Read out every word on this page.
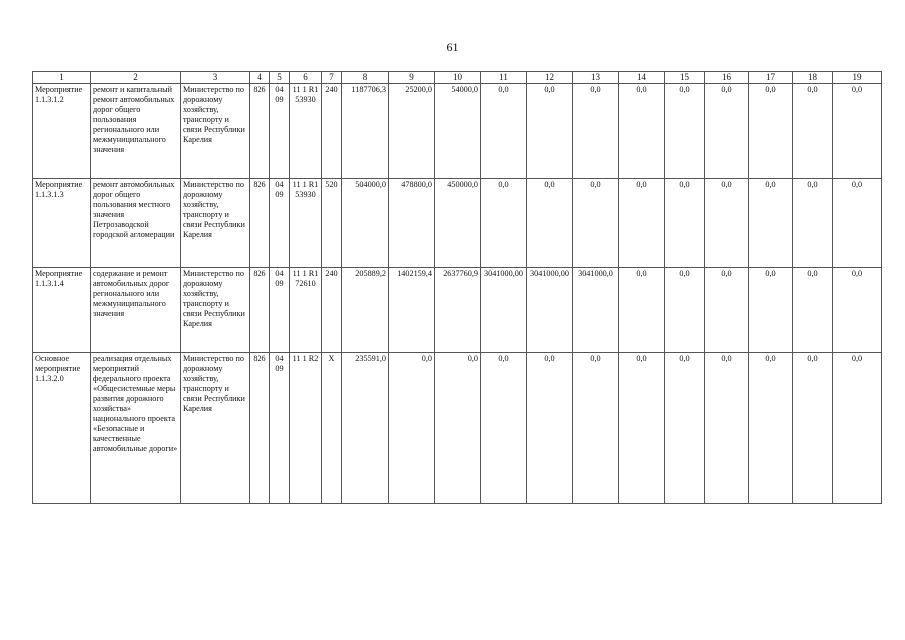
61
1	2	3	4	5	6	7	8	9	10	11	12	13	14	15	16	17	18	19
Мероприятие 1.1.3.1.2	ремонт и капитальный ремонт автомобильных дорог общего пользования регионального или межмуниципального значения	Министерство по дорожному хозяйству, транспорту и связи Республики Карелия	826	04 09	11 1 R1 53930	240	1187706,3	25200,0	54000,0	0,0	0,0	0,0	0,0	0,0	0,0	0,0	0,0	0,0
Мероприятие 1.1.3.1.3	ремонт автомобильных дорог общего пользования местного значения Петрозаводской городской агломерации	Министерство по дорожному хозяйству, транспорту и связи Республики Карелия	826	04 09	11 1 R1 53930	520	504000,0	478800,0	450000,0	0,0	0,0	0,0	0,0	0,0	0,0	0,0	0,0	0,0
Мероприятие 1.1.3.1.4	содержание и ремонт автомобильных дорог регионального или межмуниципального значения	Министерство по дорожному хозяйству, транспорту и связи Республики Карелия	826	04 09	11 1 R1 72610	240	205889,2	1402159,4	2637760,9	3041000,00	3041000,00	3041000,0	0,0	0,0	0,0	0,0	0,0	0,0
Основное мероприятие 1.1.3.2.0	реализация отдельных мероприятий федерального проекта «Общесистемные меры развития дорожного хозяйства» национального проекта «Безопасные и качественные автомобильные дороги»	Министерство по дорожному хозяйству, транспорту и связи Республики Карелия	826	04 09	11 1 R2	X	235591,0	0,0	0,0	0,0	0,0	0,0	0,0	0,0	0,0	0,0	0,0	0,0
